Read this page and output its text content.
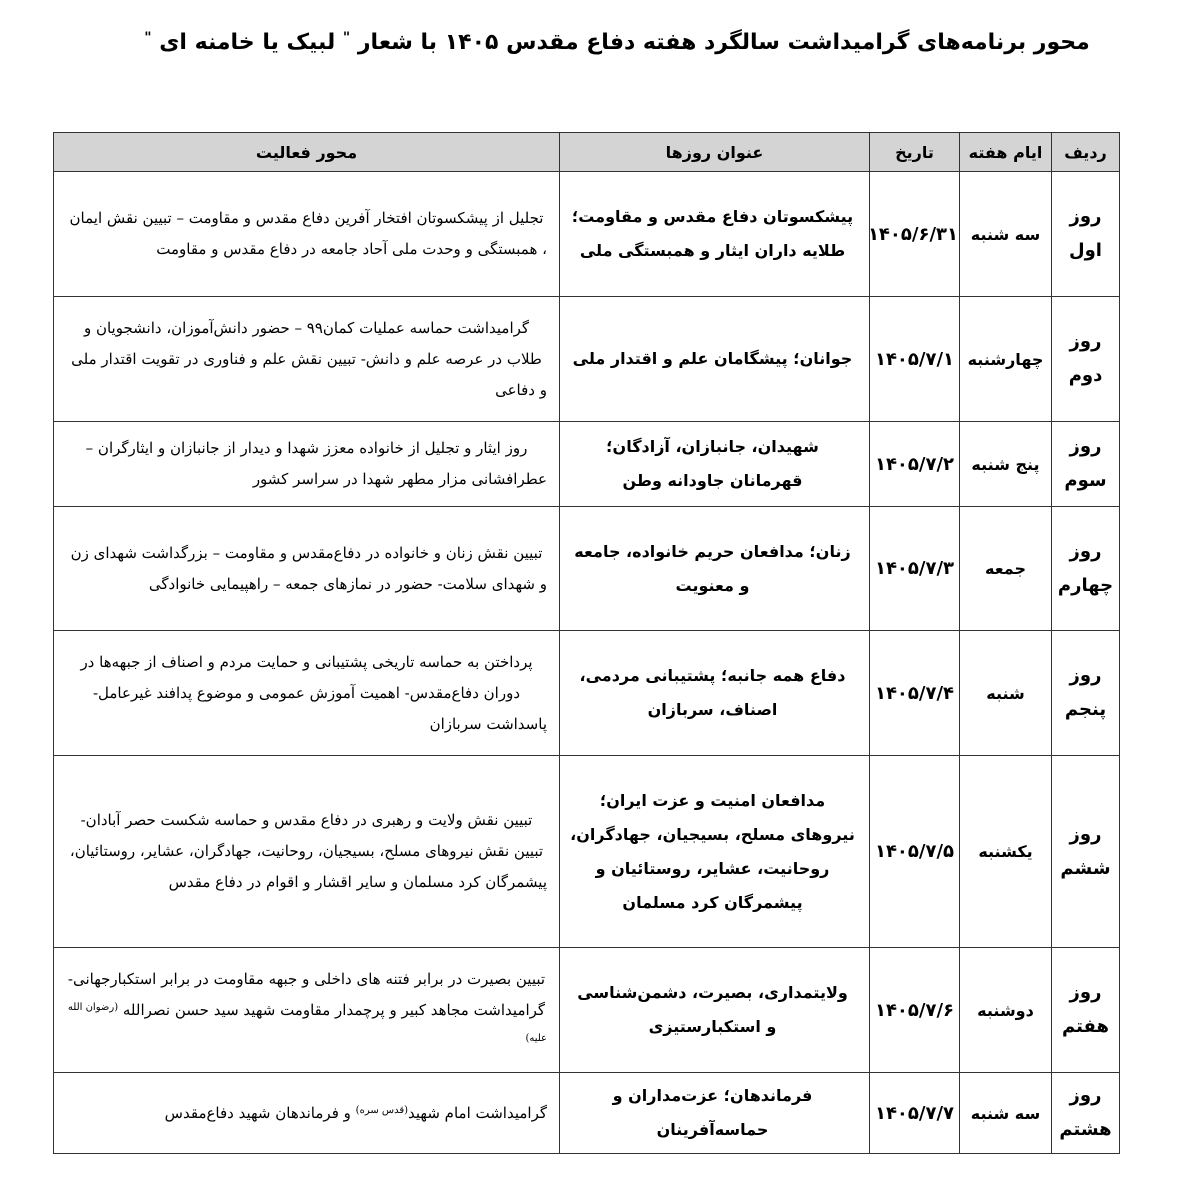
محور برنامه‌های گرامیداشت سالگرد هفته دفاع مقدس ۱۴۰۵ با شعار " لبیک یا خامنه ای "
ردیف	ایام هفته	تاریخ	عنوان روزها	محور فعالیت
روز اول	سه شنبه	۱۴۰۵/۶/۳۱	پیشکسوتان دفاع مقدس و مقاومت؛ طلایه داران ایثار و همبستگی ملی	تجلیل از پیشکسوتان افتخار آفرین دفاع مقدس و مقاومت – تبیین نقش ایمان ، همبستگی و وحدت ملی آحاد جامعه در دفاع مقدس و مقاومت
روز دوم	چهارشنبه	۱۴۰۵/۷/۱	جوانان؛ پیشگامان علم و اقتدار ملی	گرامیداشت حماسه عملیات کمان۹۹ – حضور دانش‌آموزان، دانشجویان و طلاب در عرصه علم و دانش- تبیین نقش علم و فناوری در تقویت اقتدار ملی و دفاعی
روز سوم	پنج شنبه	۱۴۰۵/۷/۲	شهیدان، جانبازان، آزادگان؛ قهرمانان جاودانه وطن	روز ایثار و تجلیل از خانواده معزز شهدا و دیدار از جانبازان و ایثارگران – عطرافشانی مزار مطهر شهدا در سراسر کشور
روز چهارم	جمعه	۱۴۰۵/۷/۳	زنان؛ مدافعان حریم خانواده، جامعه و معنویت	تبیین نقش زنان و خانواده در دفاع‌مقدس و مقاومت – بزرگداشت شهدای زن و شهدای سلامت- حضور در نمازهای جمعه – راهپیمایی خانوادگی
روز پنجم	شنبه	۱۴۰۵/۷/۴	دفاع همه جانبه؛ پشتیبانی مردمی، اصناف، سربازان	پرداختن به حماسه تاریخی پشتیبانی و حمایت مردم و اصناف از جبهه‌ها در دوران دفاع‌مقدس- اهمیت آموزش عمومی و موضوع پدافند غیرعامل- پاسداشت سربازان
روز ششم	یکشنبه	۱۴۰۵/۷/۵	مدافعان امنیت و عزت ایران؛ نیروهای مسلح، بسیجیان، جهادگران، روحانیت، عشایر، روستائیان و پیشمرگان کرد مسلمان	تبیین نقش ولایت و رهبری در دفاع مقدس و حماسه شکست حصر آبادان- تبیین نقش نیروهای مسلح، بسیجیان، روحانیت، جهادگران، عشایر، روستائیان، پیشمرگان کرد مسلمان و سایر اقشار و اقوام در دفاع مقدس
روز هفتم	دوشنبه	۱۴۰۵/۷/۶	ولایتمداری، بصیرت، دشمن‌شناسی و استکبارستیزی	تبیین بصیرت در برابر فتنه های داخلی و جبهه مقاومت در برابر استکبارجهانی- گرامیداشت مجاهد کبیر و پرچمدار مقاومت شهید سید حسن نصرالله $^{(رضوان الله علیه)}$
روز هشتم	سه شنبه	۱۴۰۵/۷/۷	فرماندهان؛ عزت‌مداران و حماسه‌آفرینان	گرامیداشت امام شهید$^{(قدس سره)}$ و فرماندهان شهید دفاع‌مقدس
